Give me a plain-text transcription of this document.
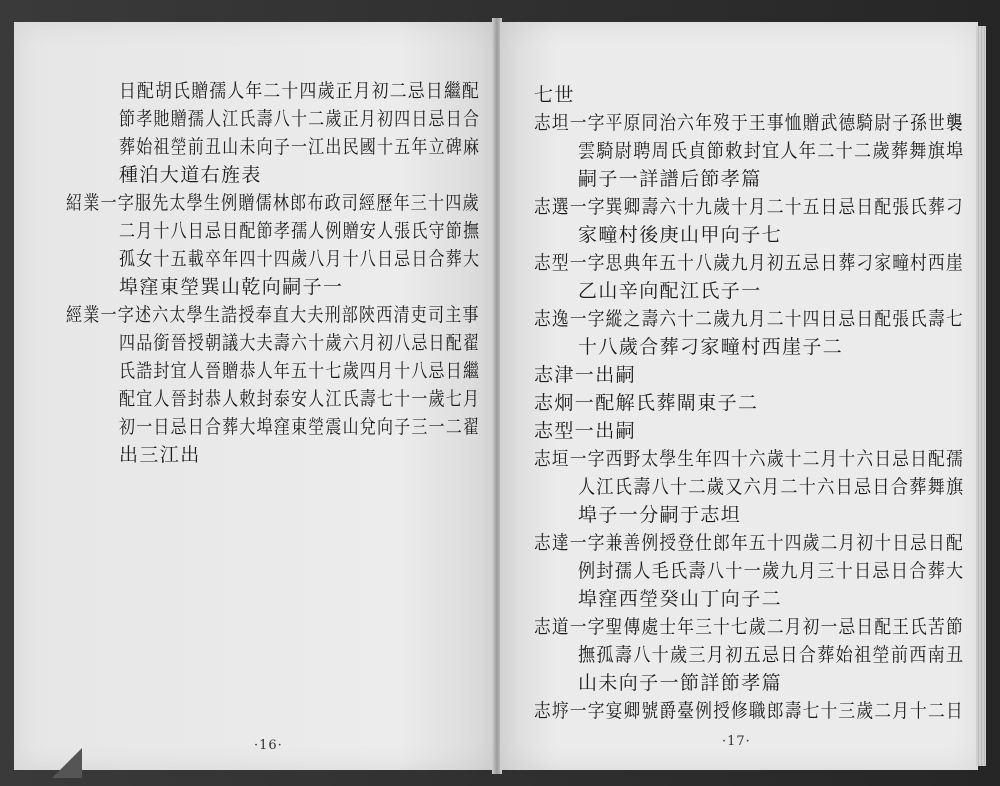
日配胡氏贈孺人年二十四歲正月初二忌日繼配
節孝貤贈孺人江氏壽八十二歲正月初四日忌日合
葬始祖塋前丑山未向子一江出民國十五年立碑麻
種泊大道右旌表
紹業一字服先太學生例贈儒林郎布政司經歷年三十四歲
二月十八日忌日配節孝孺人例贈安人張氏守節撫
孤女十五載卒年四十四歲八月十八日忌日合葬大
埠窪東塋巽山乾向嗣子一
經業一字述六太學生誥授奉直大夫刑部陝西清吏司主事
四品銜晉授朝議大夫壽六十歲六月初八忌日配翟
氏誥封宜人晉贈恭人年五十七歲四月十八忌日繼
配宜人晉封恭人敕封泰安人江氏壽七十一歲七月
初一日忌日合葬大埠窪東塋震山兌向子三一二翟
出三江出
·16·
七世
志坦一字平原同治六年歿于王事恤贈武德騎尉子孫世襲
雲騎尉聘周氏貞節敕封宜人年二十二歲葬舞旗埠
嗣子一詳譜后節孝篇
志選一字巽卿壽六十九歲十月二十五日忌日配張氏葬刁
家疃村後庚山甲向子七
志型一字思典年五十八歲九月初五忌日葬刁家疃村西崖
乙山辛向配江氏子一
志逸一字縱之壽六十二歲九月二十四日忌日配張氏壽七
十八歲合葬刁家疃村西崖子二
志津一出嗣
志炯一配解氏葬閘東子二
志型一出嗣
志垣一字西野太學生年四十六歲十二月十六日忌日配孺
人江氏壽八十二歲又六月二十六日忌日合葬舞旗
埠子一分嗣于志坦
志達一字兼善例授登仕郎年五十四歲二月初十日忌日配
例封孺人毛氏壽八十一歲九月三十日忌日合葬大
埠窪西塋癸山丁向子二
志道一字聖傳處士年三十七歲二月初一忌日配王氏苦節
撫孤壽八十歲三月初五忌日合葬始祖塋前西南丑
山未向子一節詳節孝篇
志垿一字宴卿號爵臺例授修職郎壽七十三歲二月十二日
·17·
